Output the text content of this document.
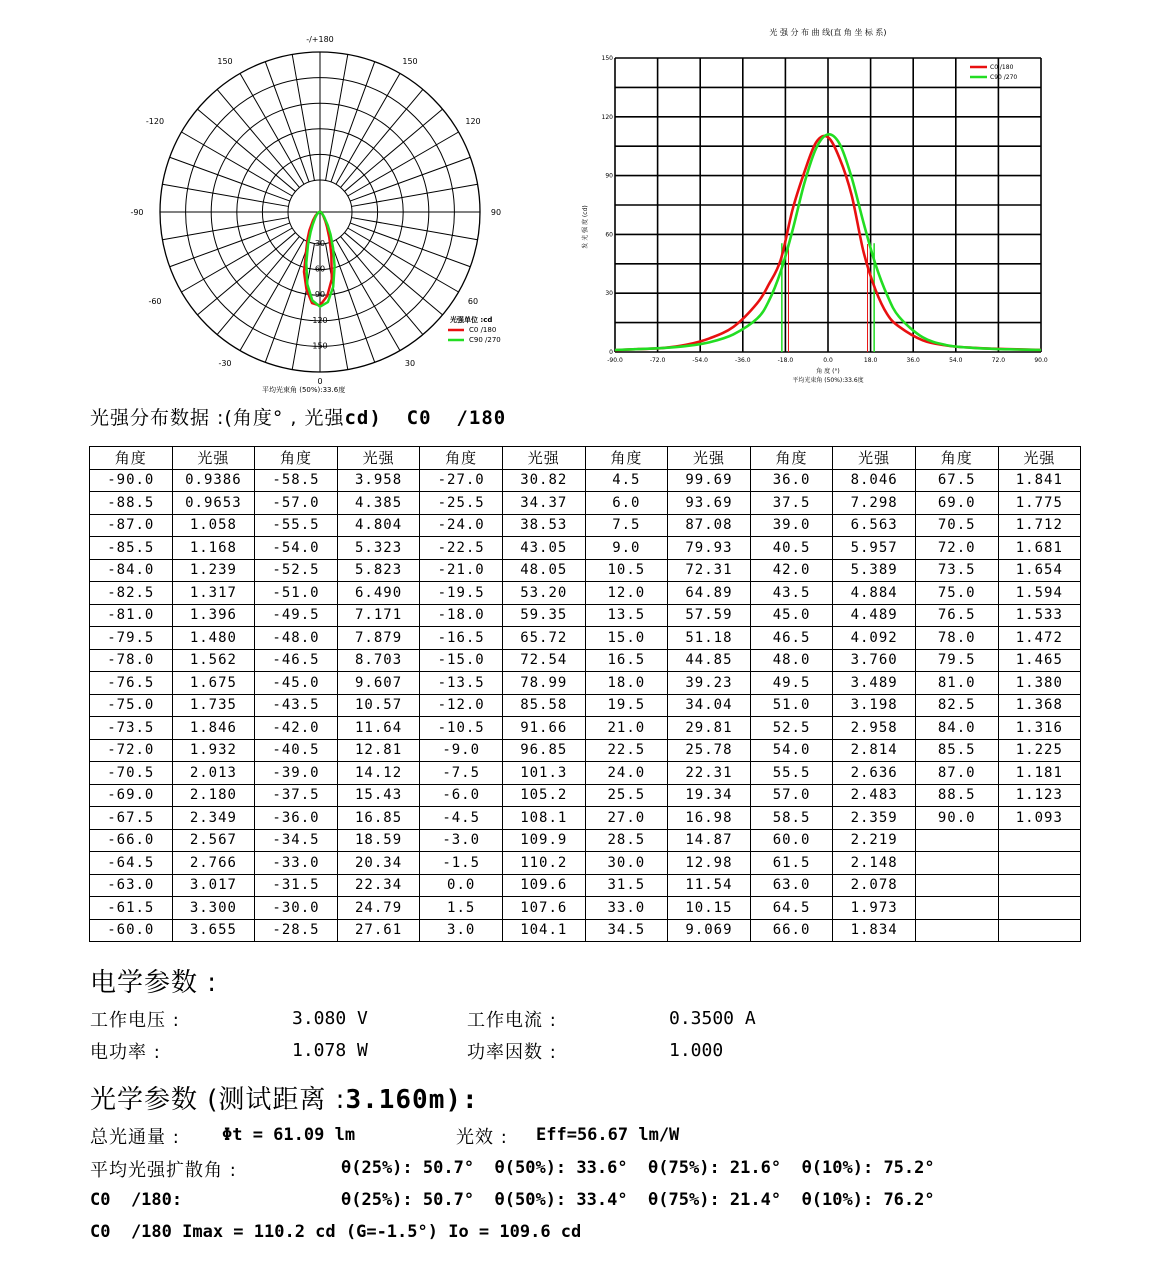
-/+180
150	150
-120	120
-90	90
-60	60
-30	30
0
30
60
90
120
150
平均光束角 (50%):33.6度
光强单位 :cd
C0 /180
C90 /270
光 强 分 布 曲 线(直 角 坐 标 系)
-90.0	-72.0	-54.0	-36.0	-18.0	0.0	18.0	36.0	54.0	72.0	90.0
0
30
60
90
120
150
C0 /180
C90 /270
发 光 强 度 (cd)
角 度 (°)
平均光束角 (50%):33.6度
光强分布数据 :(角度° , 光强cd)  C0  /180
角度	光强	角度	光强	角度	光强	角度	光强	角度	光强	角度	光强
-90.0	0.9386	-58.5	3.958	-27.0	30.82	4.5	99.69	36.0	8.046	67.5	1.841
-88.5	0.9653	-57.0	4.385	-25.5	34.37	6.0	93.69	37.5	7.298	69.0	1.775
-87.0	1.058	-55.5	4.804	-24.0	38.53	7.5	87.08	39.0	6.563	70.5	1.712
-85.5	1.168	-54.0	5.323	-22.5	43.05	9.0	79.93	40.5	5.957	72.0	1.681
-84.0	1.239	-52.5	5.823	-21.0	48.05	10.5	72.31	42.0	5.389	73.5	1.654
-82.5	1.317	-51.0	6.490	-19.5	53.20	12.0	64.89	43.5	4.884	75.0	1.594
-81.0	1.396	-49.5	7.171	-18.0	59.35	13.5	57.59	45.0	4.489	76.5	1.533
-79.5	1.480	-48.0	7.879	-16.5	65.72	15.0	51.18	46.5	4.092	78.0	1.472
-78.0	1.562	-46.5	8.703	-15.0	72.54	16.5	44.85	48.0	3.760	79.5	1.465
-76.5	1.675	-45.0	9.607	-13.5	78.99	18.0	39.23	49.5	3.489	81.0	1.380
-75.0	1.735	-43.5	10.57	-12.0	85.58	19.5	34.04	51.0	3.198	82.5	1.368
-73.5	1.846	-42.0	11.64	-10.5	91.66	21.0	29.81	52.5	2.958	84.0	1.316
-72.0	1.932	-40.5	12.81	-9.0	96.85	22.5	25.78	54.0	2.814	85.5	1.225
-70.5	2.013	-39.0	14.12	-7.5	101.3	24.0	22.31	55.5	2.636	87.0	1.181
-69.0	2.180	-37.5	15.43	-6.0	105.2	25.5	19.34	57.0	2.483	88.5	1.123
-67.5	2.349	-36.0	16.85	-4.5	108.1	27.0	16.98	58.5	2.359	90.0	1.093
-66.0	2.567	-34.5	18.59	-3.0	109.9	28.5	14.87	60.0	2.219		
-64.5	2.766	-33.0	20.34	-1.5	110.2	30.0	12.98	61.5	2.148		
-63.0	3.017	-31.5	22.34	0.0	109.6	31.5	11.54	63.0	2.078		
-61.5	3.300	-30.0	24.79	1.5	107.6	33.0	10.15	64.5	1.973		
-60.0	3.655	-28.5	27.61	3.0	104.1	34.5	9.069	66.0	1.834		
电学参数 :
工作电压 :	3.080 V	工作电流 :	0.3500 A
电功率 :	1.078 W	功率因数 :	1.000
光学参数 (测试距离 :3.160m):
总光通量 : Φt = 61.09 lm	光效 : Eff=56.67 lm/W
平均光强扩散角 :	θ(25%): 50.7°  θ(50%): 33.6°  θ(75%): 21.6°  θ(10%): 75.2°
C0  /180:	θ(25%): 50.7°  θ(50%): 33.4°  θ(75%): 21.4°  θ(10%): 76.2°
C0  /180 Imax = 110.2 cd (G=-1.5°) Io = 109.6 cd
